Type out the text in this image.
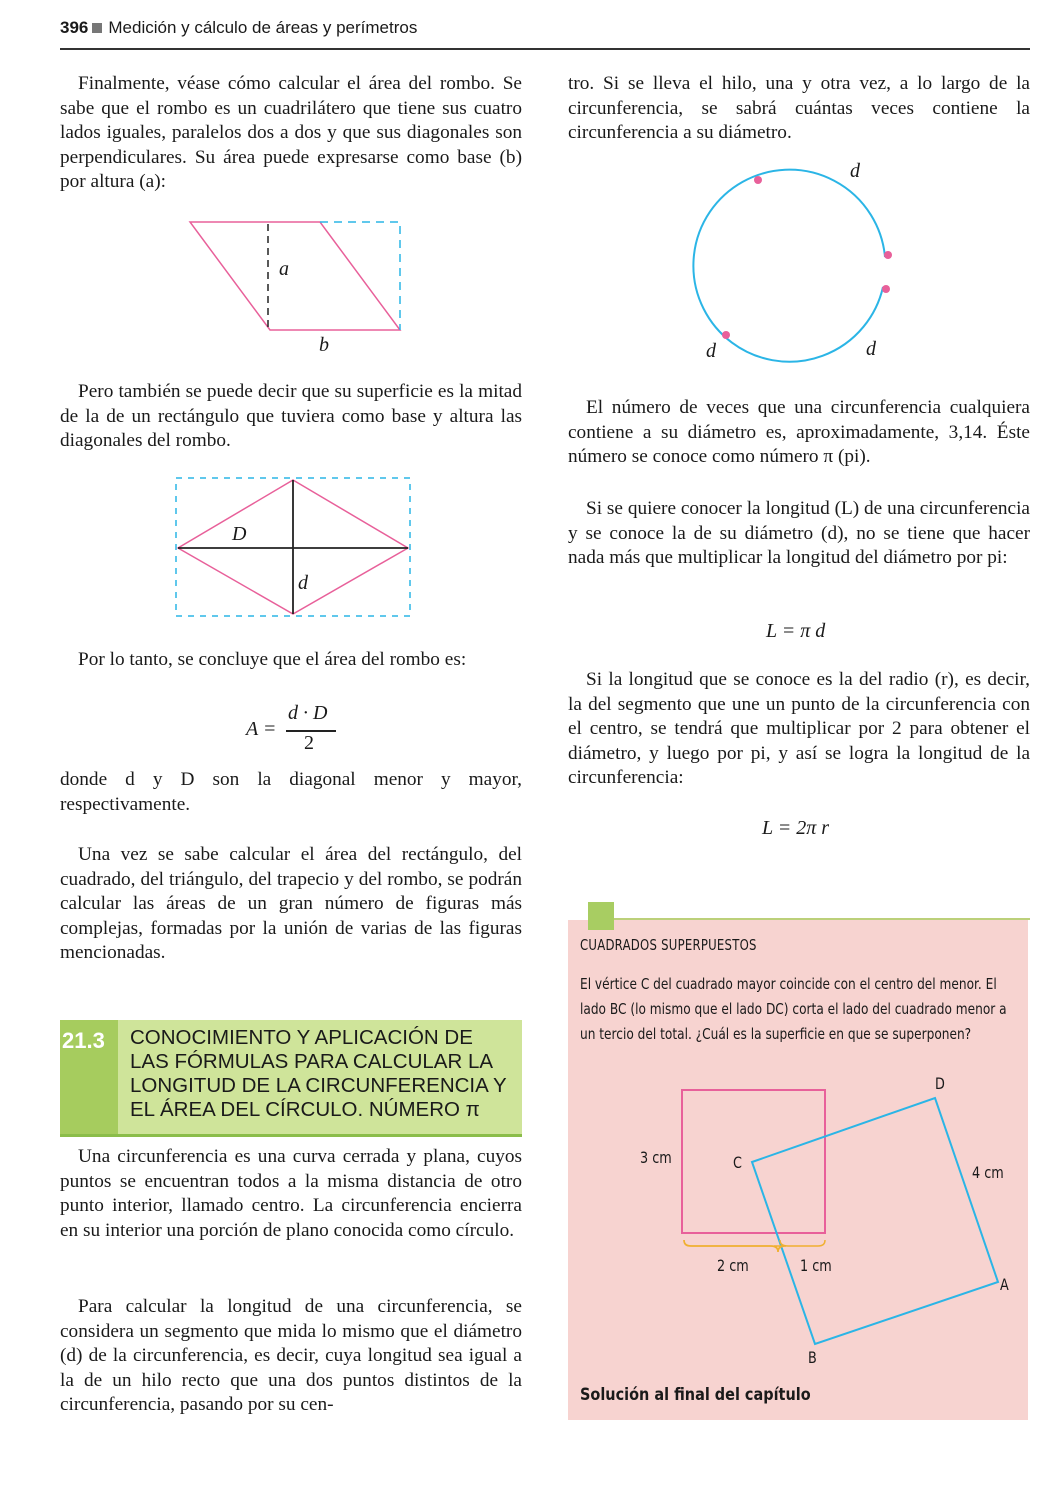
396 Medición y cálculo de áreas y perímetros

Finalmente, véase cómo calcular el área del rombo. Se sabe que el rombo es un cuadrilátero que tiene sus cuatro lados iguales, paralelos dos a dos y que sus diagonales son perpendiculares. Su área puede expresarse como base (b) por altura (a):

a
b

Pero también se puede decir que su superficie es la mitad de la de un rectángulo que tuviera como base y altura las diagonales del rombo.

D
d

Por lo tanto, se concluye que el área del rombo es:

A =
d · D
2

donde d y D son la diagonal menor y mayor, respectivamente.

Una vez se sabe calcular el área del rectángulo, del cuadrado, del triángulo, del trapecio y del rombo, se podrán calcular las áreas de un gran número de figuras más complejas, formadas por la unión de varias de las figuras mencionadas.

21.3	CONOCIMIENTO Y APLICACIÓN DE LAS FÓRMULAS PARA CALCULAR LA LONGITUD DE LA CIRCUNFERENCIA Y EL ÁREA DEL CÍRCULO. NÚMERO π

Una circunferencia es una curva cerrada y plana, cuyos puntos se encuentran todos a la misma distancia de otro punto interior, llamado centro. La circunferencia encierra en su interior una porción de plano conocida como círculo.

Para calcular la longitud de una circunferencia, se considera un segmento que mida lo mismo que el diámetro (d) de la circunferencia, es decir, cuya longitud sea igual a la de un hilo recto que una dos puntos distintos de la circunferencia, pasando por su cen-

tro. Si se lleva el hilo, una y otra vez, a lo largo de la circunferencia, se sabrá cuántas veces contiene la circunferencia a su diámetro.

d
d	d

El número de veces que una circunferencia cualquiera contiene a su diámetro es, aproximadamente, 3,14. Éste número se conoce como número π (pi).

Si se quiere conocer la longitud (L) de una circunferencia y se conoce la de su diámetro (d), no se tiene que hacer nada más que multiplicar la longitud del diámetro por pi:

L = π d

Si la longitud que se conoce es la del radio (r), es decir, la del segmento que une un punto de la circunferencia con el centro, se tendrá que multiplicar por 2 para obtener el diámetro, y luego por pi, y así se logra la longitud de la circunferencia:

L = 2π r
CUADRADOS SUPERPUESTOS
El vértice C del cuadrado mayor coincide con el centro del menor. El lado BC (lo mismo que el lado DC) corta el lado del cuadrado menor a un tercio del total. ¿Cuál es la superficie en que se superponen?
D
C
A
B
3 cm
4 cm
2 cm	1 cm
Solución al final del capítulo
